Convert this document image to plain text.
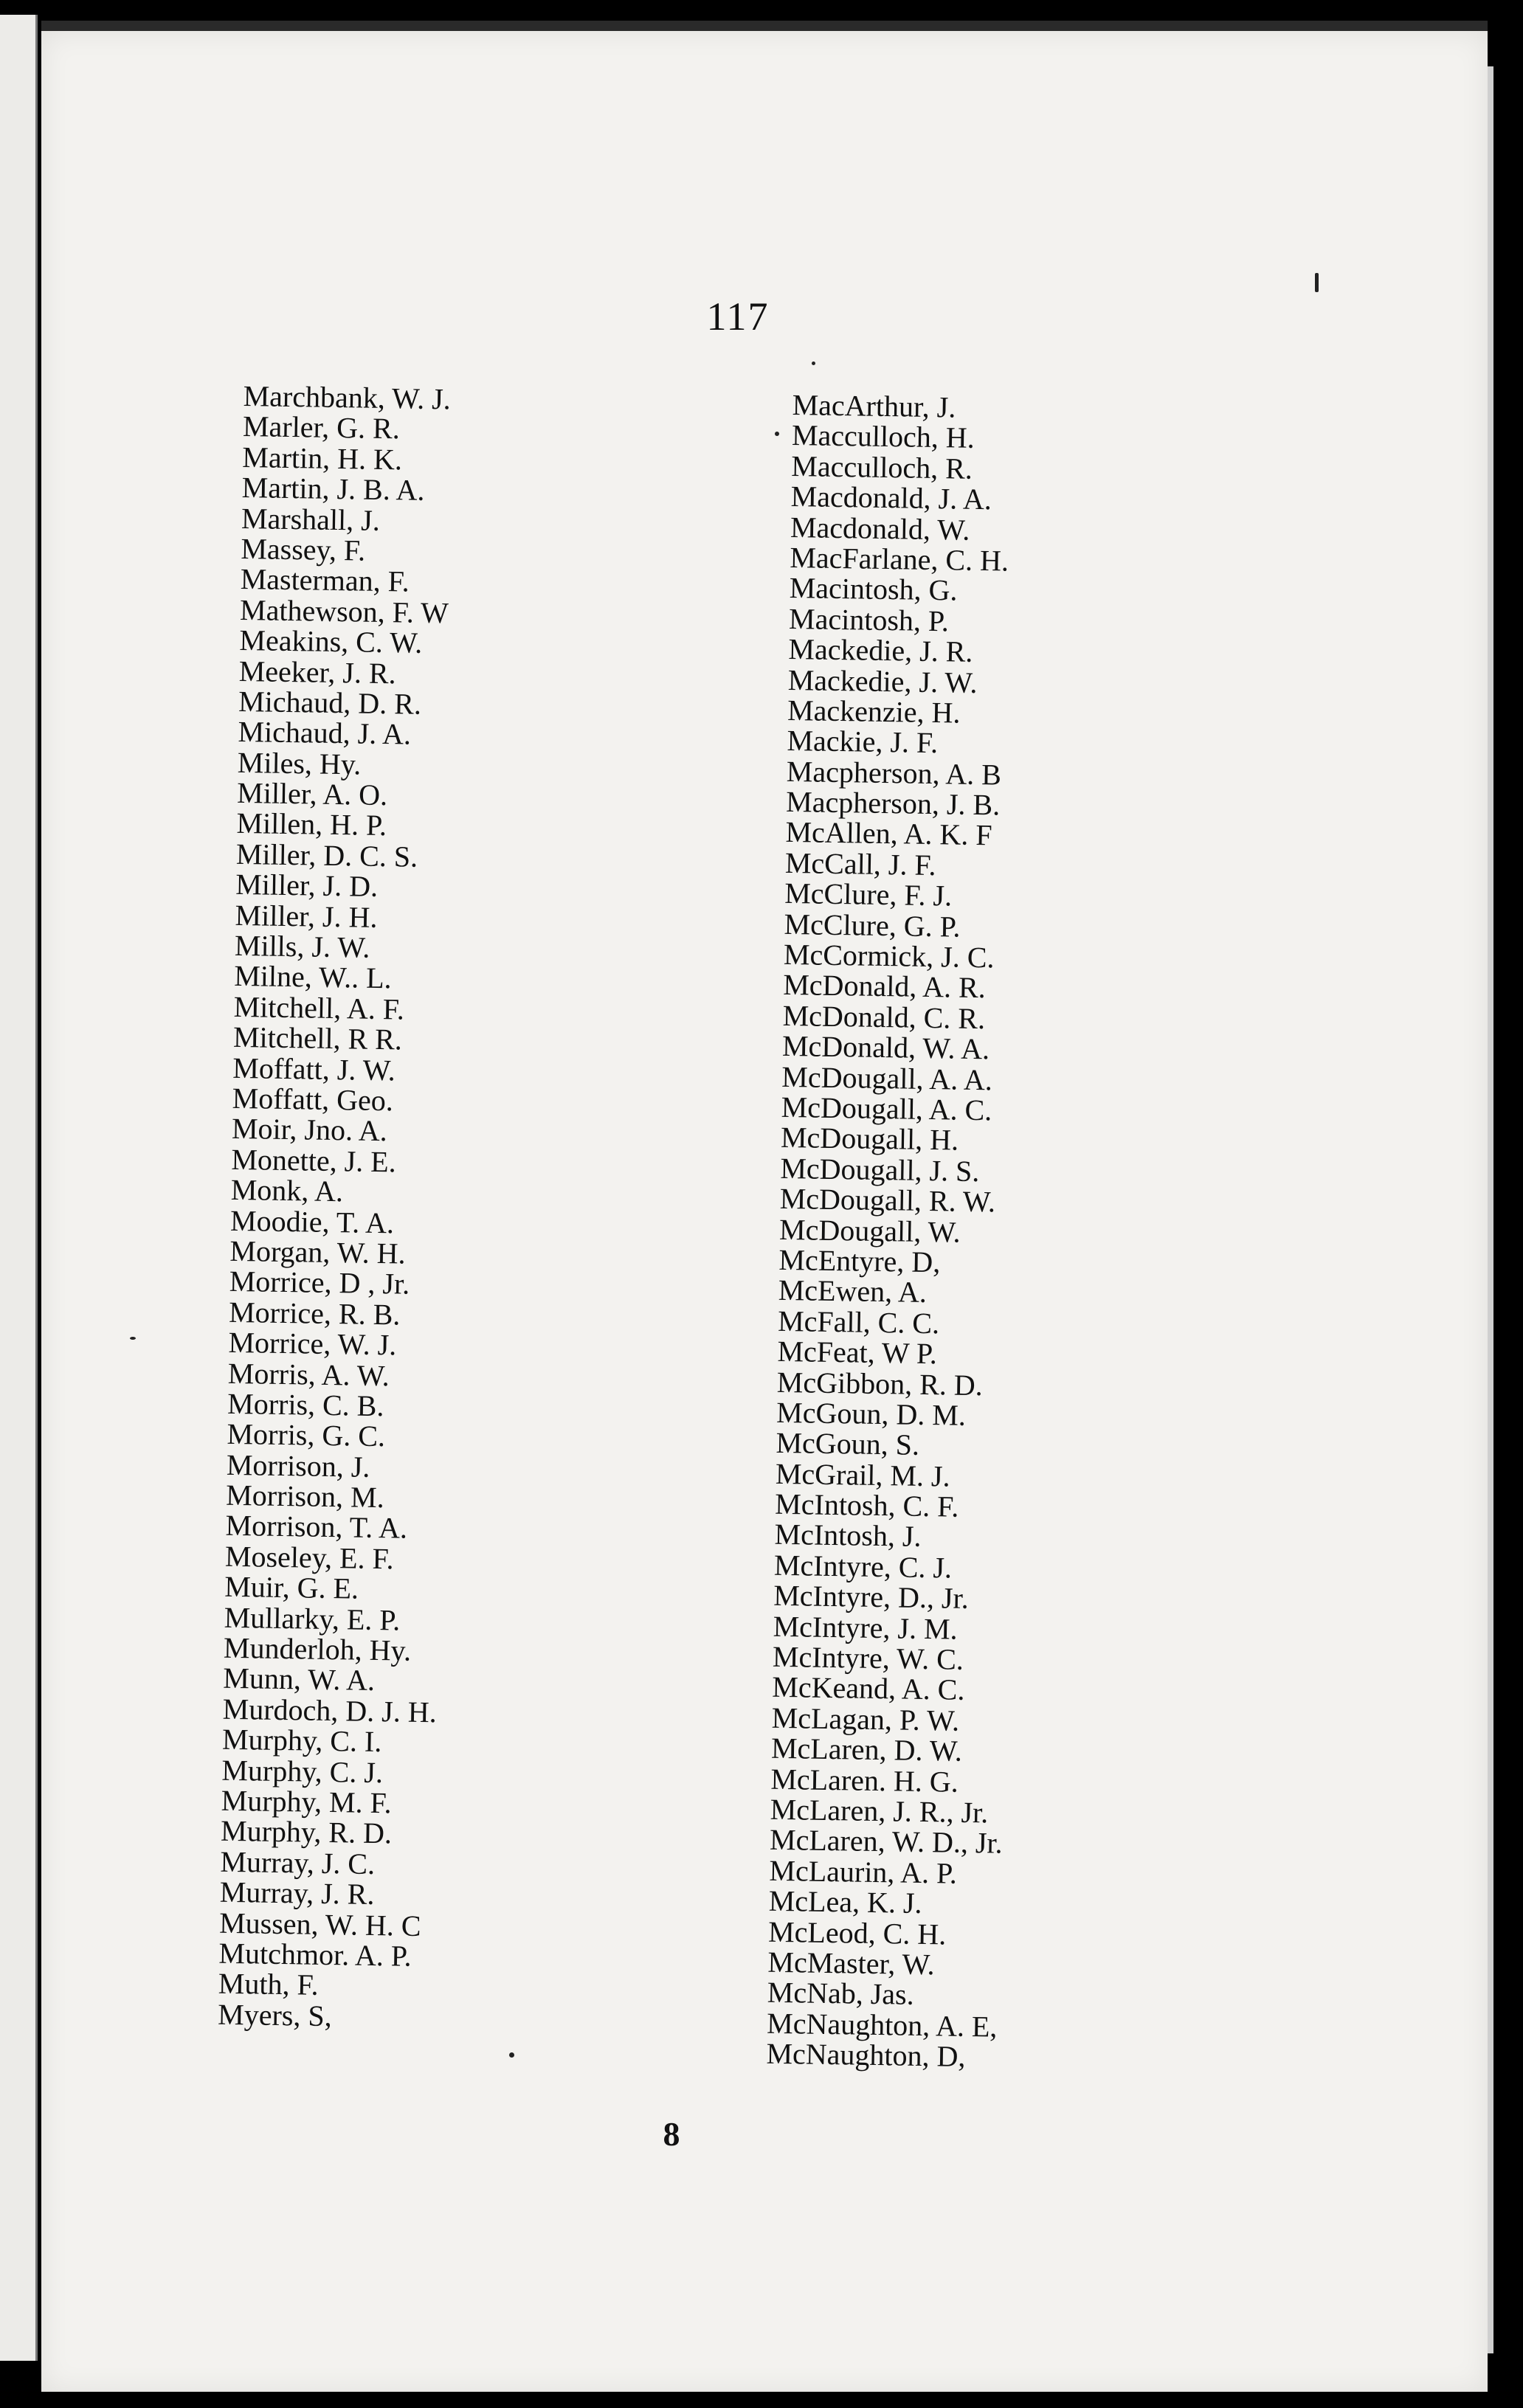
117
Marchbank, W. J.
Marler, G. R.
Martin, H. K.
Martin, J. B. A.
Marshall, J.
Massey, F.
Masterman, F.
Mathewson, F. W
Meakins, C. W.
Meeker, J. R.
Michaud, D. R.
Michaud, J. A.
Miles, Hy.
Miller, A. O.
Millen, H. P.
Miller, D. C. S.
Miller, J. D.
Miller, J. H.
Mills, J. W.
Milne, W.. L.
Mitchell, A. F.
Mitchell, R R.
Moffatt, J. W.
Moffatt, Geo.
Moir, Jno. A.
Monette, J. E.
Monk, A.
Moodie, T. A.
Morgan, W. H.
Morrice, D , Jr.
Morrice, R. B.
Morrice, W. J.
Morris, A. W.
Morris, C. B.
Morris, G. C.
Morrison, J.
Morrison, M.
Morrison, T. A.
Moseley, E. F.
Muir, G. E.
Mullarky, E. P.
Munderloh, Hy.
Munn, W. A.
Murdoch, D. J. H.
Murphy, C. I.
Murphy, C. J.
Murphy, M. F.
Murphy, R. D.
Murray, J. C.
Murray, J. R.
Mussen, W. H. C
Mutchmor. A. P.
Muth, F.
Myers, S,
MacArthur, J.
Macculloch, H.
Macculloch, R.
Macdonald, J. A.
Macdonald, W.
MacFarlane, C. H.
Macintosh, G.
Macintosh, P.
Mackedie, J. R.
Mackedie, J. W.
Mackenzie, H.
Mackie, J. F.
Macpherson, A. B
Macpherson, J. B.
McAllen, A. K. F
McCall, J. F.
McClure, F. J.
McClure, G. P.
McCormick, J. C.
McDonald, A. R.
McDonald, C. R.
McDonald, W. A.
McDougall, A. A.
McDougall, A. C.
McDougall, H.
McDougall, J. S.
McDougall, R. W.
McDougall, W.
McEntyre, D,
McEwen, A.
McFall, C. C.
McFeat, W P.
McGibbon, R. D.
McGoun, D. M.
McGoun, S.
McGrail, M. J.
McIntosh, C. F.
McIntosh, J.
McIntyre, C. J.
McIntyre, D., Jr.
McIntyre, J. M.
McIntyre, W. C.
McKeand, A. C.
McLagan, P. W.
McLaren, D. W.
McLaren. H. G.
McLaren, J. R., Jr.
McLaren, W. D., Jr.
McLaurin, A. P.
McLea, K. J.
McLeod, C. H.
McMaster, W.
McNab, Jas.
McNaughton, A. E,
McNaughton, D,
8
